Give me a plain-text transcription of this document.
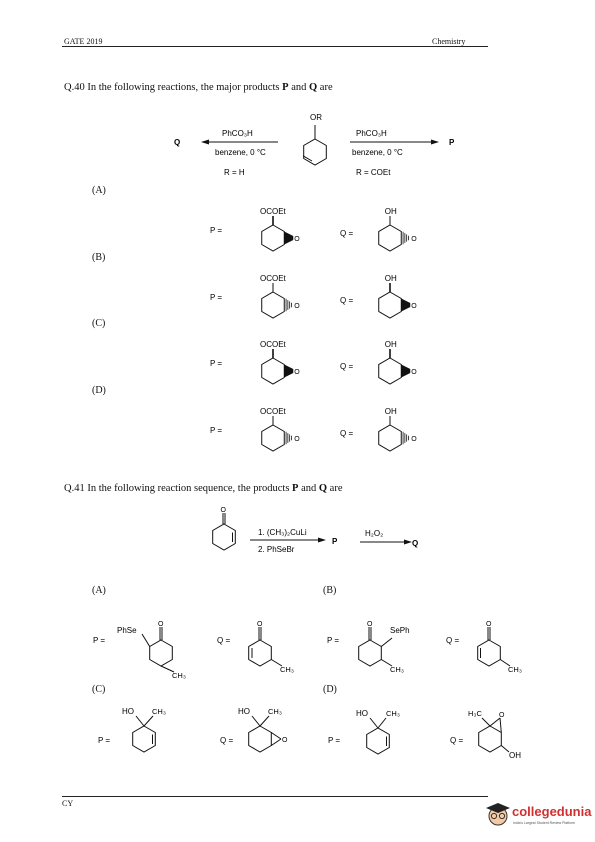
GATE 2019	Chemistry
Q.40 In the following reactions, the major products P and Q are
OR
Q	P
PhCO₃H
benzene, 0 °C
R = H
PhCO₃H
benzene, 0 °C
R = COEt
(A)
P =
OCOEt
O
Q =
OH
O
(B)
P =
OCOEt
O
Q =
OH
O
(C)
P =
OCOEt
O
Q =
OH
O
(D)
P =
OCOEt
O
Q =
OH
O
Q.41 In the following reaction sequence, the products P and Q are
O
1. (CH₃)₂CuLi
2. PhSeBr
P
H₂O₂
Q
(A)	(B)
(C)	(D)
P =
PhSe
O
CH₃
Q =
O
CH₃
P =
O
SePh
CH₃
Q =
O
CH₃
P =
HO CH₃
Q =
HO CH₃
O	P =
HO CH₃
Q =
H₃C O
OH
CY
collegedunia
India's Largest Student Review Platform
